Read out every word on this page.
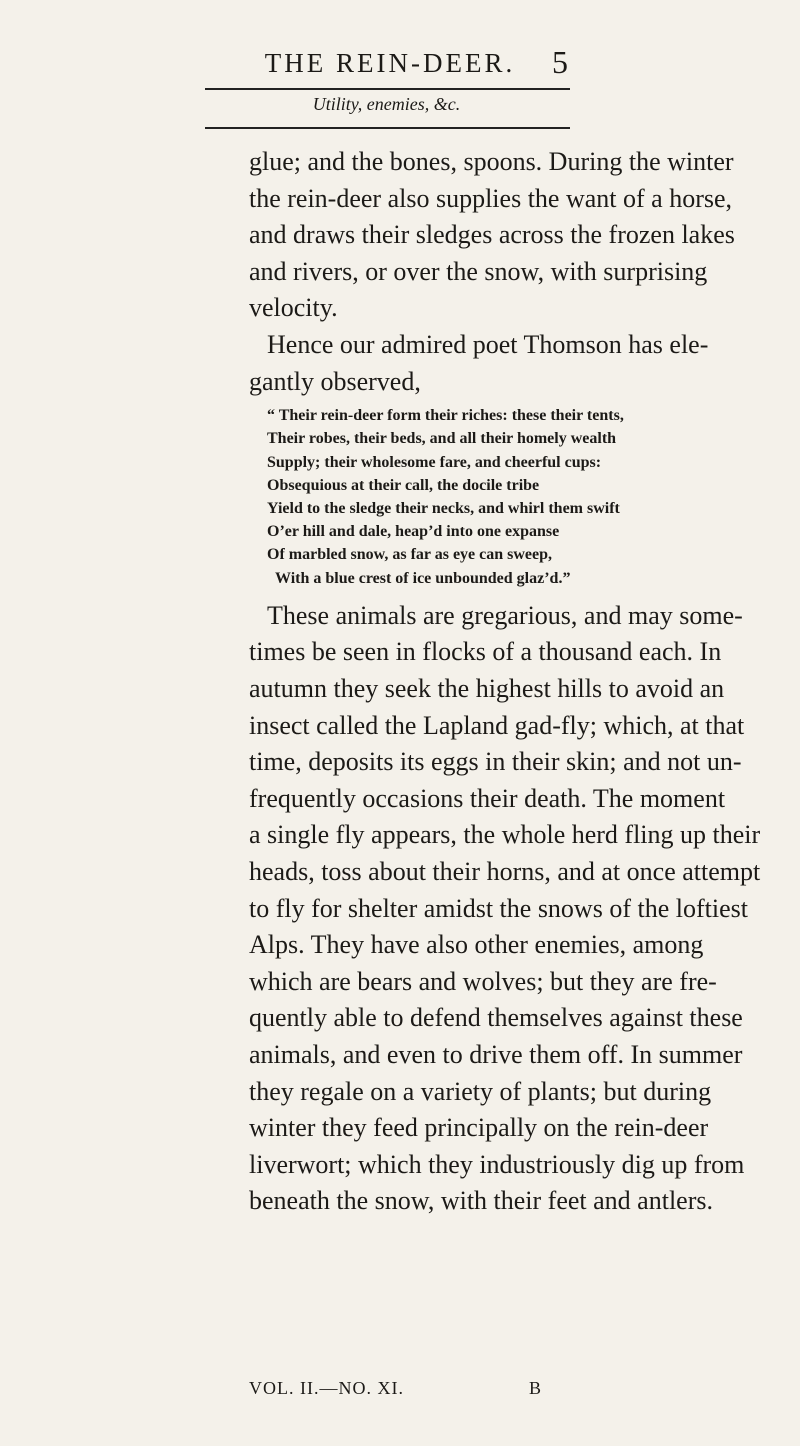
THE REIN-DEER.	5
Utility, enemies, &c.

glue; and the bones, spoons. During the winter
the rein-deer also supplies the want of a horse,
and draws their sledges across the frozen lakes
and rivers, or over the snow, with surprising
velocity.

Hence our admired poet Thomson has ele-
gantly observed,

“ Their rein-deer form their riches: these their tents,
Their robes, their beds, and all their homely wealth
Supply; their wholesome fare, and cheerful cups:
Obsequious at their call, the docile tribe
Yield to the sledge their necks, and whirl them swift
O’er hill and dale, heap’d into one expanse
Of marbled snow, as far as eye can sweep,
With a blue crest of ice unbounded glaz’d.”

These animals are gregarious, and may some-
times be seen in flocks of a thousand each. In
autumn they seek the highest hills to avoid an
insect called the Lapland gad-fly; which, at that
time, deposits its eggs in their skin; and not un-
frequently occasions their death. The moment
a single fly appears, the whole herd fling up their
heads, toss about their horns, and at once attempt
to fly for shelter amidst the snows of the loftiest
Alps. They have also other enemies, among
which are bears and wolves; but they are fre-
quently able to defend themselves against these
animals, and even to drive them off. In summer
they regale on a variety of plants; but during
winter they feed principally on the rein-deer
liverwort; which they industriously dig up from
beneath the snow, with their feet and antlers.

VOL. II.—NO. XI.	B
